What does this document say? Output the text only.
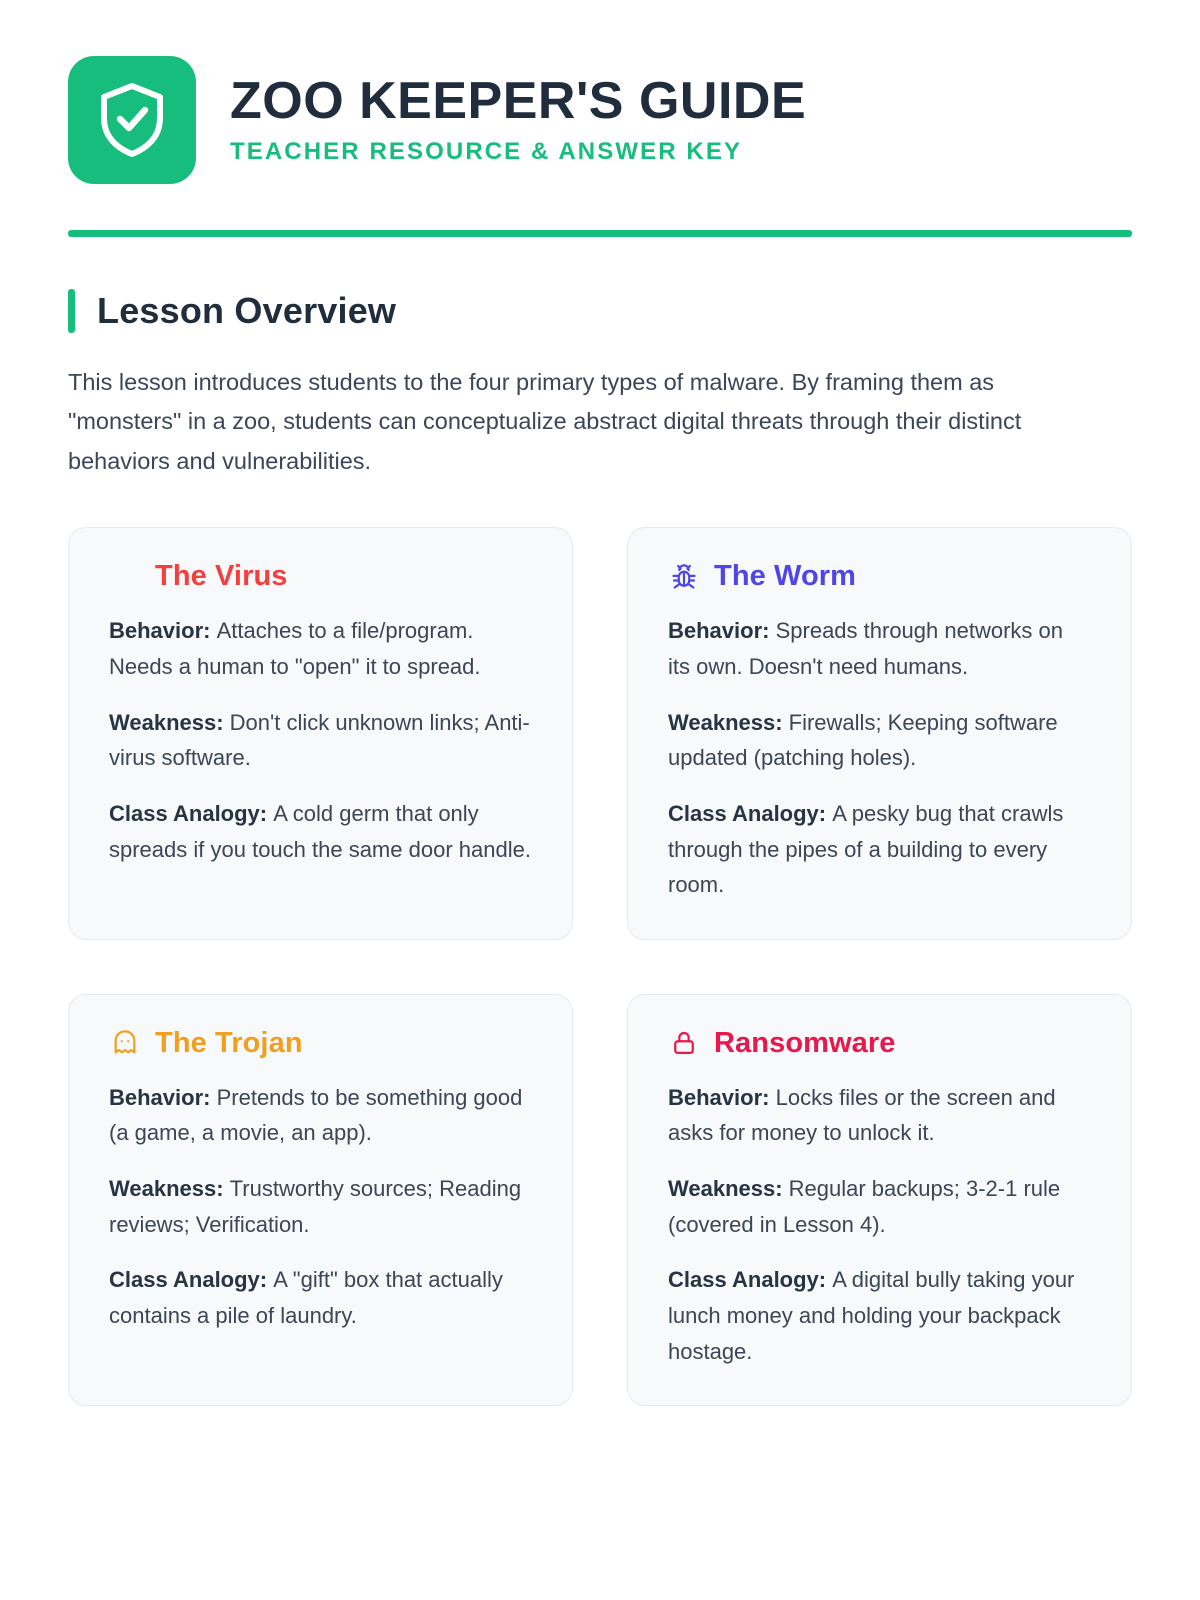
ZOO KEEPER'S GUIDE
TEACHER RESOURCE & ANSWER KEY
Lesson Overview

This lesson introduces students to the four primary types of malware. By framing them as "monsters" in a zoo, students can conceptualize abstract digital threats through their distinct behaviors and vulnerabilities.

The Virus

Behavior: Attaches to a file/program. Needs a human to "open" it to spread.

Weakness: Don't click unknown links; Anti-virus software.

Class Analogy: A cold germ that only spreads if you touch the same door handle.

The Worm

Behavior: Spreads through networks on its own. Doesn't need humans.

Weakness: Firewalls; Keeping software updated (patching holes).

Class Analogy: A pesky bug that crawls through the pipes of a building to every room.

The Trojan

Behavior: Pretends to be something good (a game, a movie, an app).

Weakness: Trustworthy sources; Reading reviews; Verification.

Class Analogy: A "gift" box that actually contains a pile of laundry.

Ransomware

Behavior: Locks files or the screen and asks for money to unlock it.

Weakness: Regular backups; 3-2-1 rule (covered in Lesson 4).

Class Analogy: A digital bully taking your lunch money and holding your backpack hostage.
